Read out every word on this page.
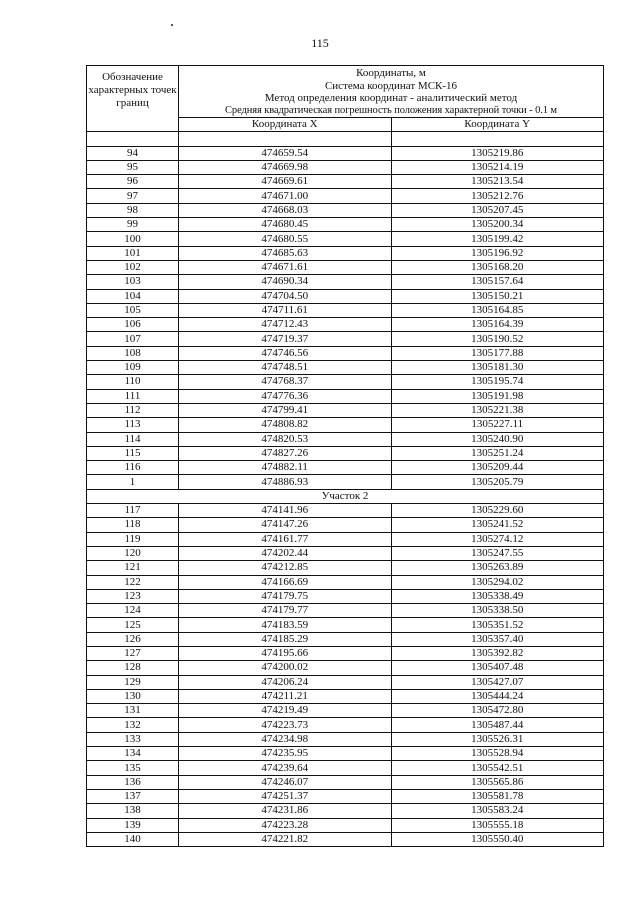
115
Обозначение характерных точек границ	Координаты, м
Система координат МСК-16
Метод определения координат - аналитический метод
Средняя квадратическая погрешность положения характерной точки - 0.1 м	

	Координата X	Координата Y

94	474659.54	1305219.86
95	474669.98	1305214.19
96	474669.61	1305213.54
97	474671.00	1305212.76
98	474668.03	1305207.45
99	474680.45	1305200.34
100	474680.55	1305199.42
101	474685.63	1305196.92
102	474671.61	1305168.20
103	474690.34	1305157.64
104	474704.50	1305150.21
105	474711.61	1305164.85
106	474712.43	1305164.39
107	474719.37	1305190.52
108	474746.56	1305177.88
109	474748.51	1305181.30
110	474768.37	1305195.74
111	474776.36	1305191.98
112	474799.41	1305221.38
113	474808.82	1305227.11
114	474820.53	1305240.90
115	474827.26	1305251.24
116	474882.11	1305209.44
1	474886.93	1305205.79
Участок 2		
117	474141.96	1305229.60
118	474147.26	1305241.52
119	474161.77	1305274.12
120	474202.44	1305247.55
121	474212.85	1305263.89
122	474166.69	1305294.02
123	474179.75	1305338.49
124	474179.77	1305338.50
125	474183.59	1305351.52
126	474185.29	1305357.40
127	474195.66	1305392.82
128	474200.02	1305407.48
129	474206.24	1305427.07
130	474211.21	1305444.24
131	474219.49	1305472.80
132	474223.73	1305487.44
133	474234.98	1305526.31
134	474235.95	1305528.94
135	474239.64	1305542.51
136	474246.07	1305565.86
137	474251.37	1305581.78
138	474231.86	1305583.24
139	474223.28	1305555.18
140	474221.82	1305550.40
